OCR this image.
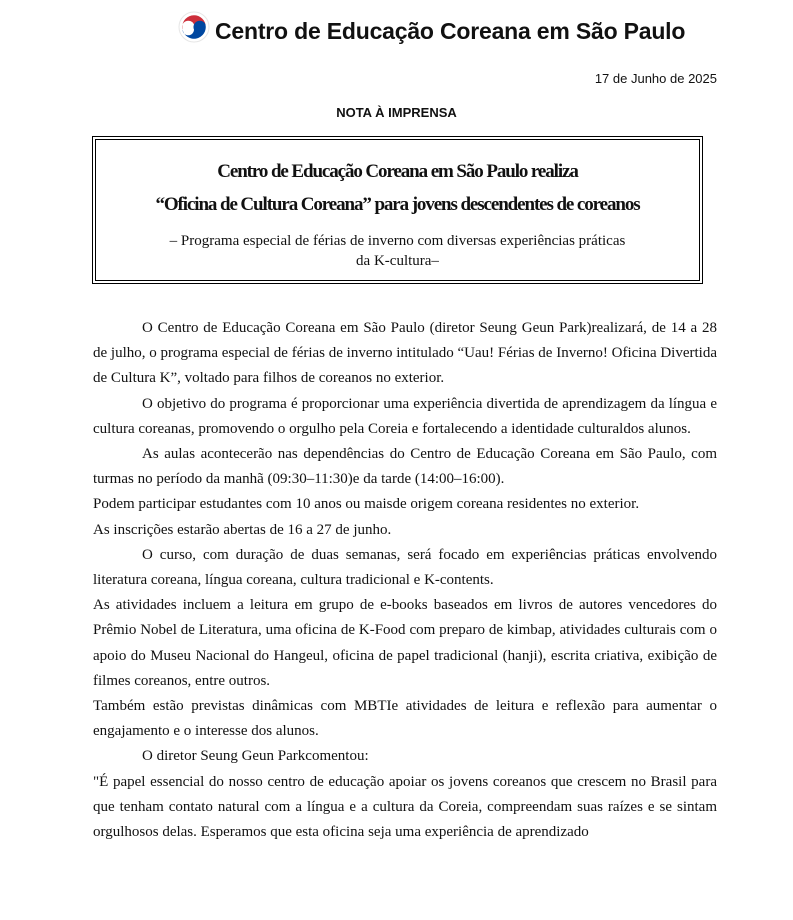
Centro de Educação Coreana em São Paulo
17 de Junho de 2025
NOTA À IMPRENSA
Centro de Educação Coreana em São Paulo realiza
“Oficina de Cultura Coreana” para jovens descendentes de coreanos
– Programa especial de férias de inverno com diversas experiências práticas
da K-cultura–

O Centro de Educação Coreana em São Paulo (diretor Seung Geun Park)realizará, de 14 a 28 de julho, o programa especial de férias de inverno intitulado “Uau! Férias de Inverno! Oficina Divertida de Cultura K”, voltado para filhos de coreanos no exterior.

O objetivo do programa é proporcionar uma experiência divertida de aprendizagem da língua e cultura coreanas, promovendo o orgulho pela Coreia e fortalecendo a identidade culturaldos alunos.

As aulas acontecerão nas dependências do Centro de Educação Coreana em São Paulo, com turmas no período da manhã (09:30–11:30)e da tarde (14:00–16:00).

Podem participar estudantes com 10 anos ou maisde origem coreana residentes no exterior.

As inscrições estarão abertas de 16 a 27 de junho.

O curso, com duração de duas semanas, será focado em experiências práticas envolvendo literatura coreana, língua coreana, cultura tradicional e K-contents.

As atividades incluem a leitura em grupo de e-books baseados em livros de autores vencedores do Prêmio Nobel de Literatura, uma oficina de K-Food com preparo de kimbap, atividades culturais com o apoio do Museu Nacional do Hangeul, oficina de papel tradicional (hanji), escrita criativa, exibição de filmes coreanos, entre outros.

Também estão previstas dinâmicas com MBTIe atividades de leitura e reflexão para aumentar o engajamento e o interesse dos alunos.

O diretor Seung Geun Parkcomentou:

"É papel essencial do nosso centro de educação apoiar os jovens coreanos que crescem no Brasil para que tenham contato natural com a língua e a cultura da Coreia, compreendam suas raízes e se sintam orgulhosos delas. Esperamos que esta oficina seja uma experiência de aprendizado
